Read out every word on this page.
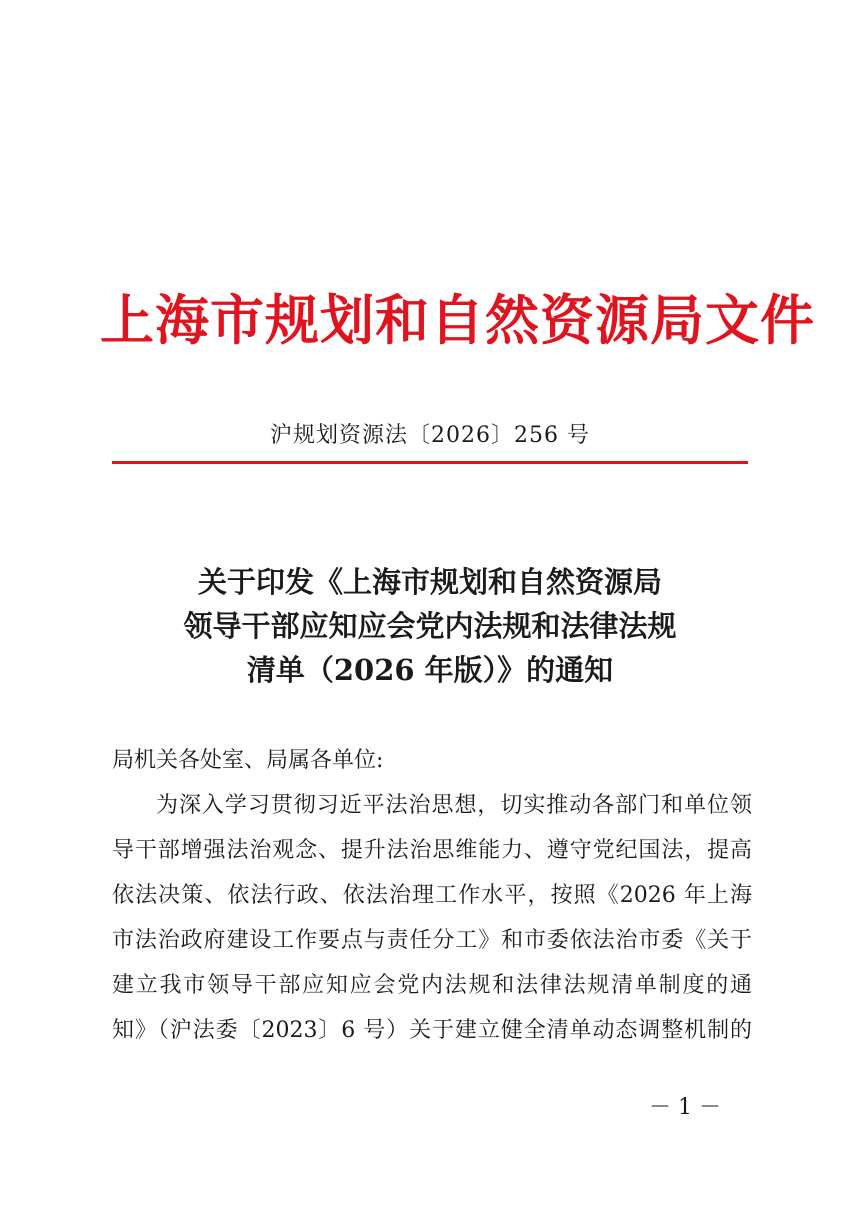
上海市规划和自然资源局文件
沪规划资源法〔2026〕256 号
关于印发《上海市规划和自然资源局
领导干部应知应会党内法规和法律法规
清单（2026 年版）》的通知
局机关各处室、局属各单位:
为深入学习贯彻习近平法治思想，切实推动各部门和单位领
导干部增强法治观念、提升法治思维能力、遵守党纪国法，提高
依法决策、依法行政、依法治理工作水平，按照《2026 年上海
市法治政府建设工作要点与责任分工》和市委依法治市委《关于
建立我市领导干部应知应会党内法规和法律法规清单制度的通
知》（沪法委〔2023〕6 号）关于建立健全清单动态调整机制的
－ 1 －
